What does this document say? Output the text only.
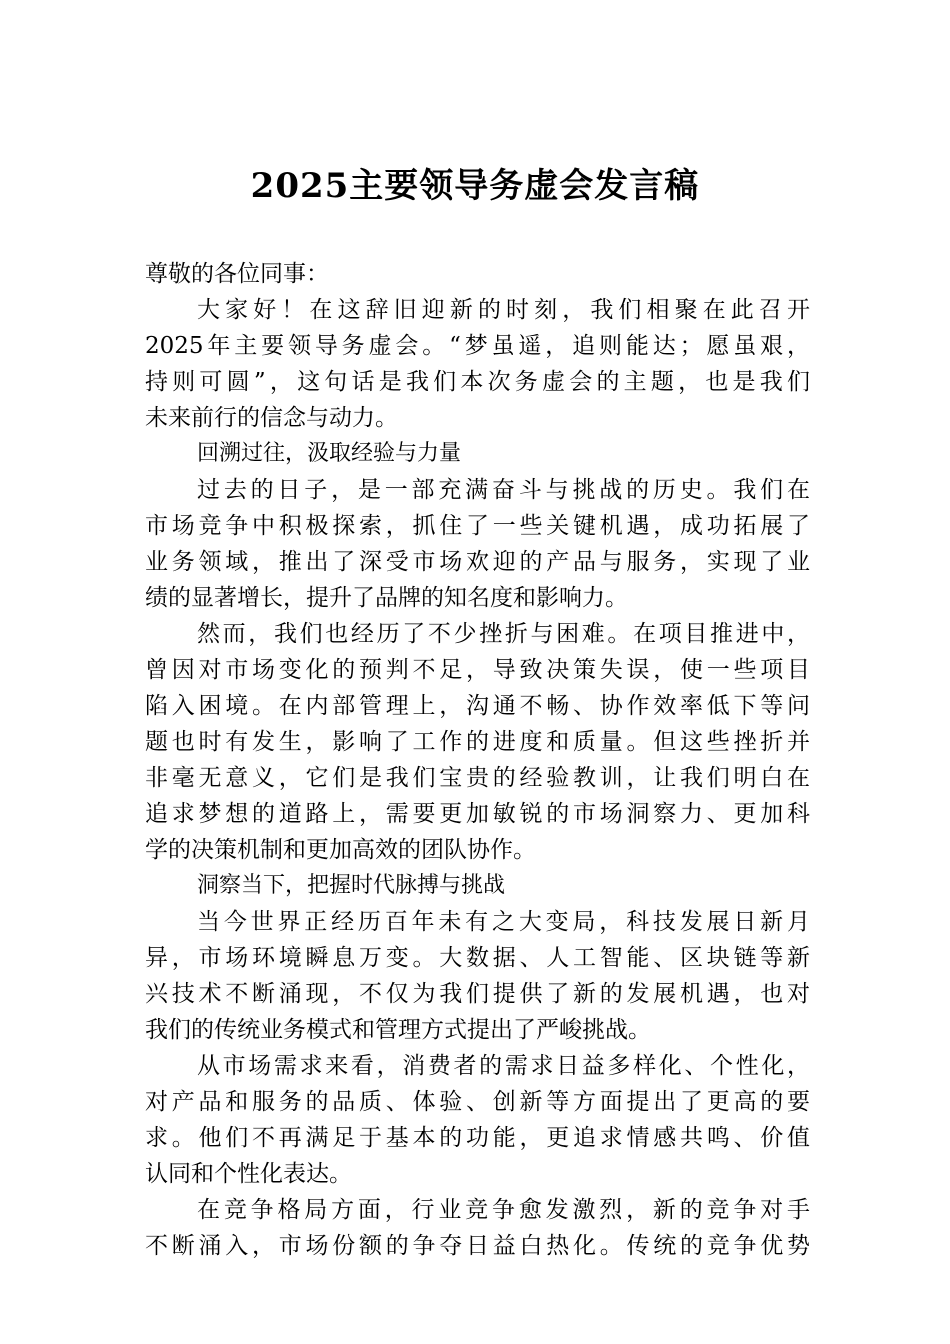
2025主要领导务虚会发言稿
尊敬的各位同事：
大家好！在这辞旧迎新的时刻，我们相聚在此召开
2025年主要领导务虚会。“梦虽遥，追则能达；愿虽艰，
持则可圆”，这句话是我们本次务虚会的主题，也是我们
未来前行的信念与动力。
回溯过往，汲取经验与力量
过去的日子，是一部充满奋斗与挑战的历史。我们在
市场竞争中积极探索，抓住了一些关键机遇，成功拓展了
业务领域，推出了深受市场欢迎的产品与服务，实现了业
绩的显著增长，提升了品牌的知名度和影响力。
然而，我们也经历了不少挫折与困难。在项目推进中，
曾因对市场变化的预判不足，导致决策失误，使一些项目
陷入困境。在内部管理上，沟通不畅、协作效率低下等问
题也时有发生，影响了工作的进度和质量。但这些挫折并
非毫无意义，它们是我们宝贵的经验教训，让我们明白在
追求梦想的道路上，需要更加敏锐的市场洞察力、更加科
学的决策机制和更加高效的团队协作。
洞察当下，把握时代脉搏与挑战
当今世界正经历百年未有之大变局，科技发展日新月
异，市场环境瞬息万变。大数据、人工智能、区块链等新
兴技术不断涌现，不仅为我们提供了新的发展机遇，也对
我们的传统业务模式和管理方式提出了严峻挑战。
从市场需求来看，消费者的需求日益多样化、个性化，
对产品和服务的品质、体验、创新等方面提出了更高的要
求。他们不再满足于基本的功能，更追求情感共鸣、价值
认同和个性化表达。
在竞争格局方面，行业竞争愈发激烈，新的竞争对手
不断涌入，市场份额的争夺日益白热化。传统的竞争优势
